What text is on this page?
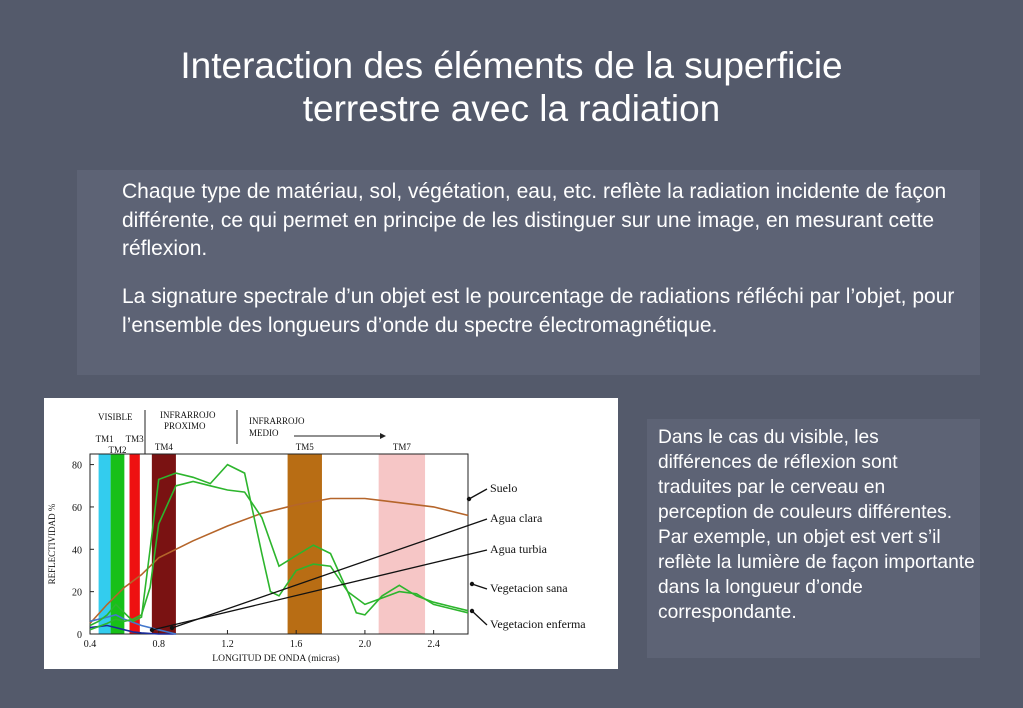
Interaction des éléments de la superficie
terrestre avec la radiation
Chaque type de matériau, sol, végétation, eau, etc. reflète la radiation incidente de façon différente, ce qui permet en principe de les distinguer sur une image, en mesurant cette réflexion.
La signature spectrale d’un objet est le pourcentage de radiations réfléchi par l’objet, pour l’ensemble des longueurs d’onde du spectre électromagnétique.
TM1
TM2
TM3
TM4	TM5	TM7
VISIBLE	INFRARROJO
PROXIMO	INFRARROJO
MEDIO
0
20
40
60
80
0.4	0.8	1.2	1.6	2.0	2.4
LONGITUD DE ONDA (micras)
REFLECTIVIDAD %
Suelo
Agua clara
Agua turbia
Vegetacion sana
Vegetacion enferma
Dans le cas du visible, les différences de réflexion sont traduites par le cerveau en perception de couleurs différentes. Par exemple, un objet est vert s’il reflète la lumière de façon importante dans la longueur d’onde correspondante.
